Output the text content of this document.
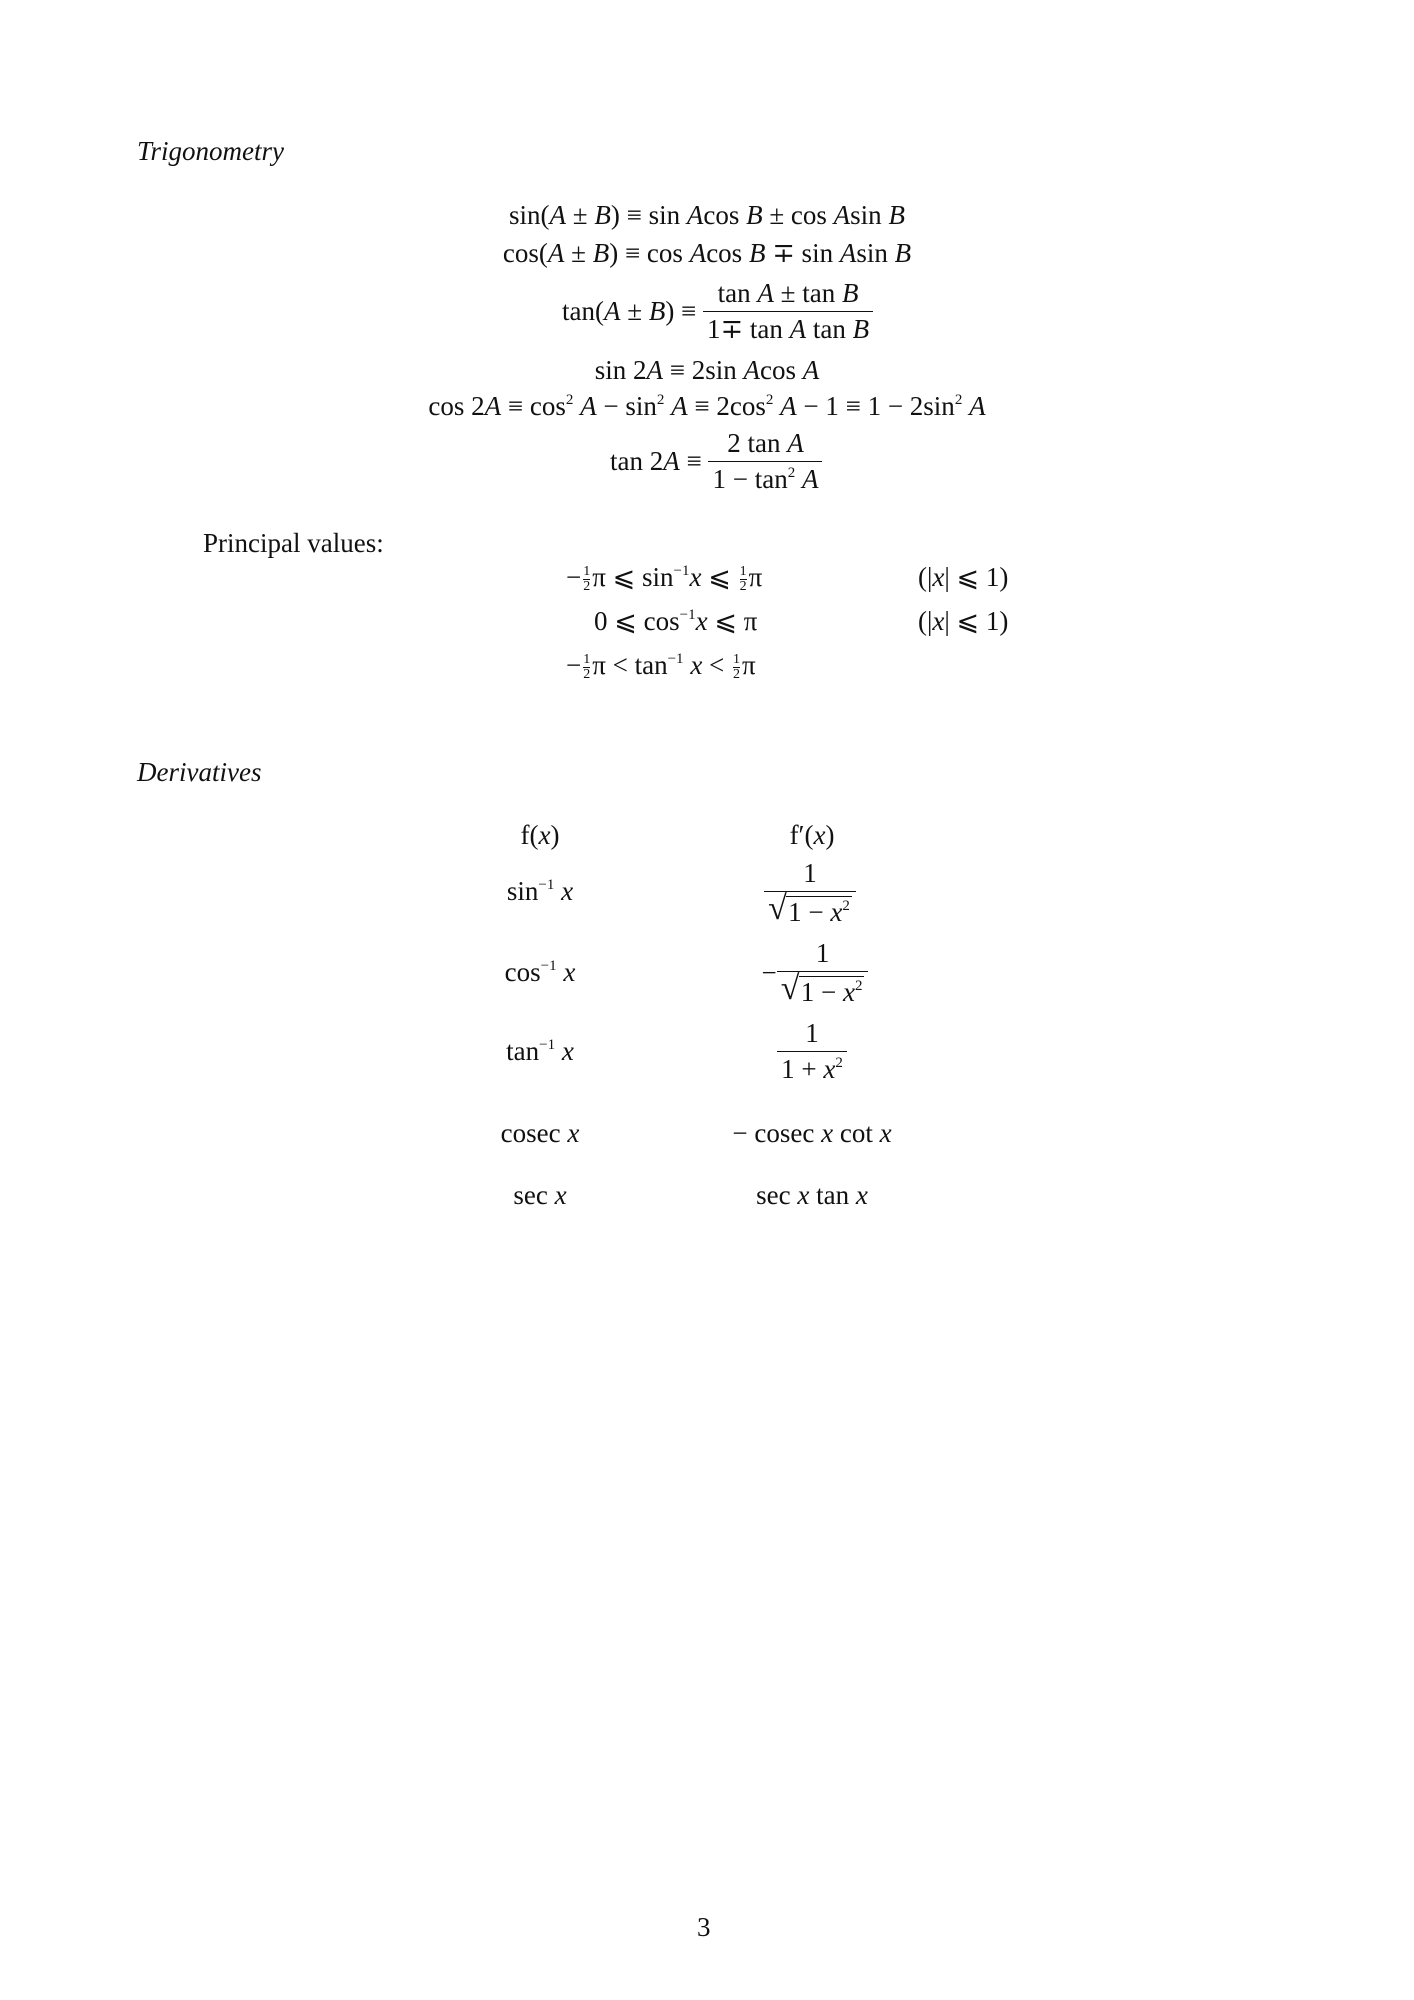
Trigonometry
sin(A ± B) ≡ sin Acos B ± cos Asin B
cos(A ± B) ≡ cos Acos B ∓ sin Asin B
$\tan(A \pm B) \equiv \frac{\text{tan A ± tan B}}{\text{1∓ tan A tan B}}$
sin 2A ≡ 2sin Acos A
$\cos 2A \equiv \cos^2 A - \sin^2 A \equiv 2\cos^2$ $A - 1 \equiv 1 - 2\sin^2$ A
$\tan 2A \equiv \frac{\text{2 tan A}}{1 - \tan^2 A}$
Principal values:
− $\frac{1}{2}$ π ⩽ $\sin^{-1}x$ ⩽ $\frac{1}{2}$ π	(|x| ⩽ 1)
0 ⩽ $\cos^{-1}x$ ⩽ π	(|x| ⩽ 1)
− $\frac{1}{2}$ $\pi < \tan^{-1} x < \frac{1}{2}$ π
Derivatives
f(x)	f′(x)
$\sin^{-1} x$	$\frac{1}{√ 1 - x^2}$
$\cos^{-1} x$	− $\frac{1}{√ 1 - x^2}$
$\tan^{-1} x$	$\frac{1}{1 + x^2}$
cosec x	− cosec x cot x
sec x	sec x tan x
3
